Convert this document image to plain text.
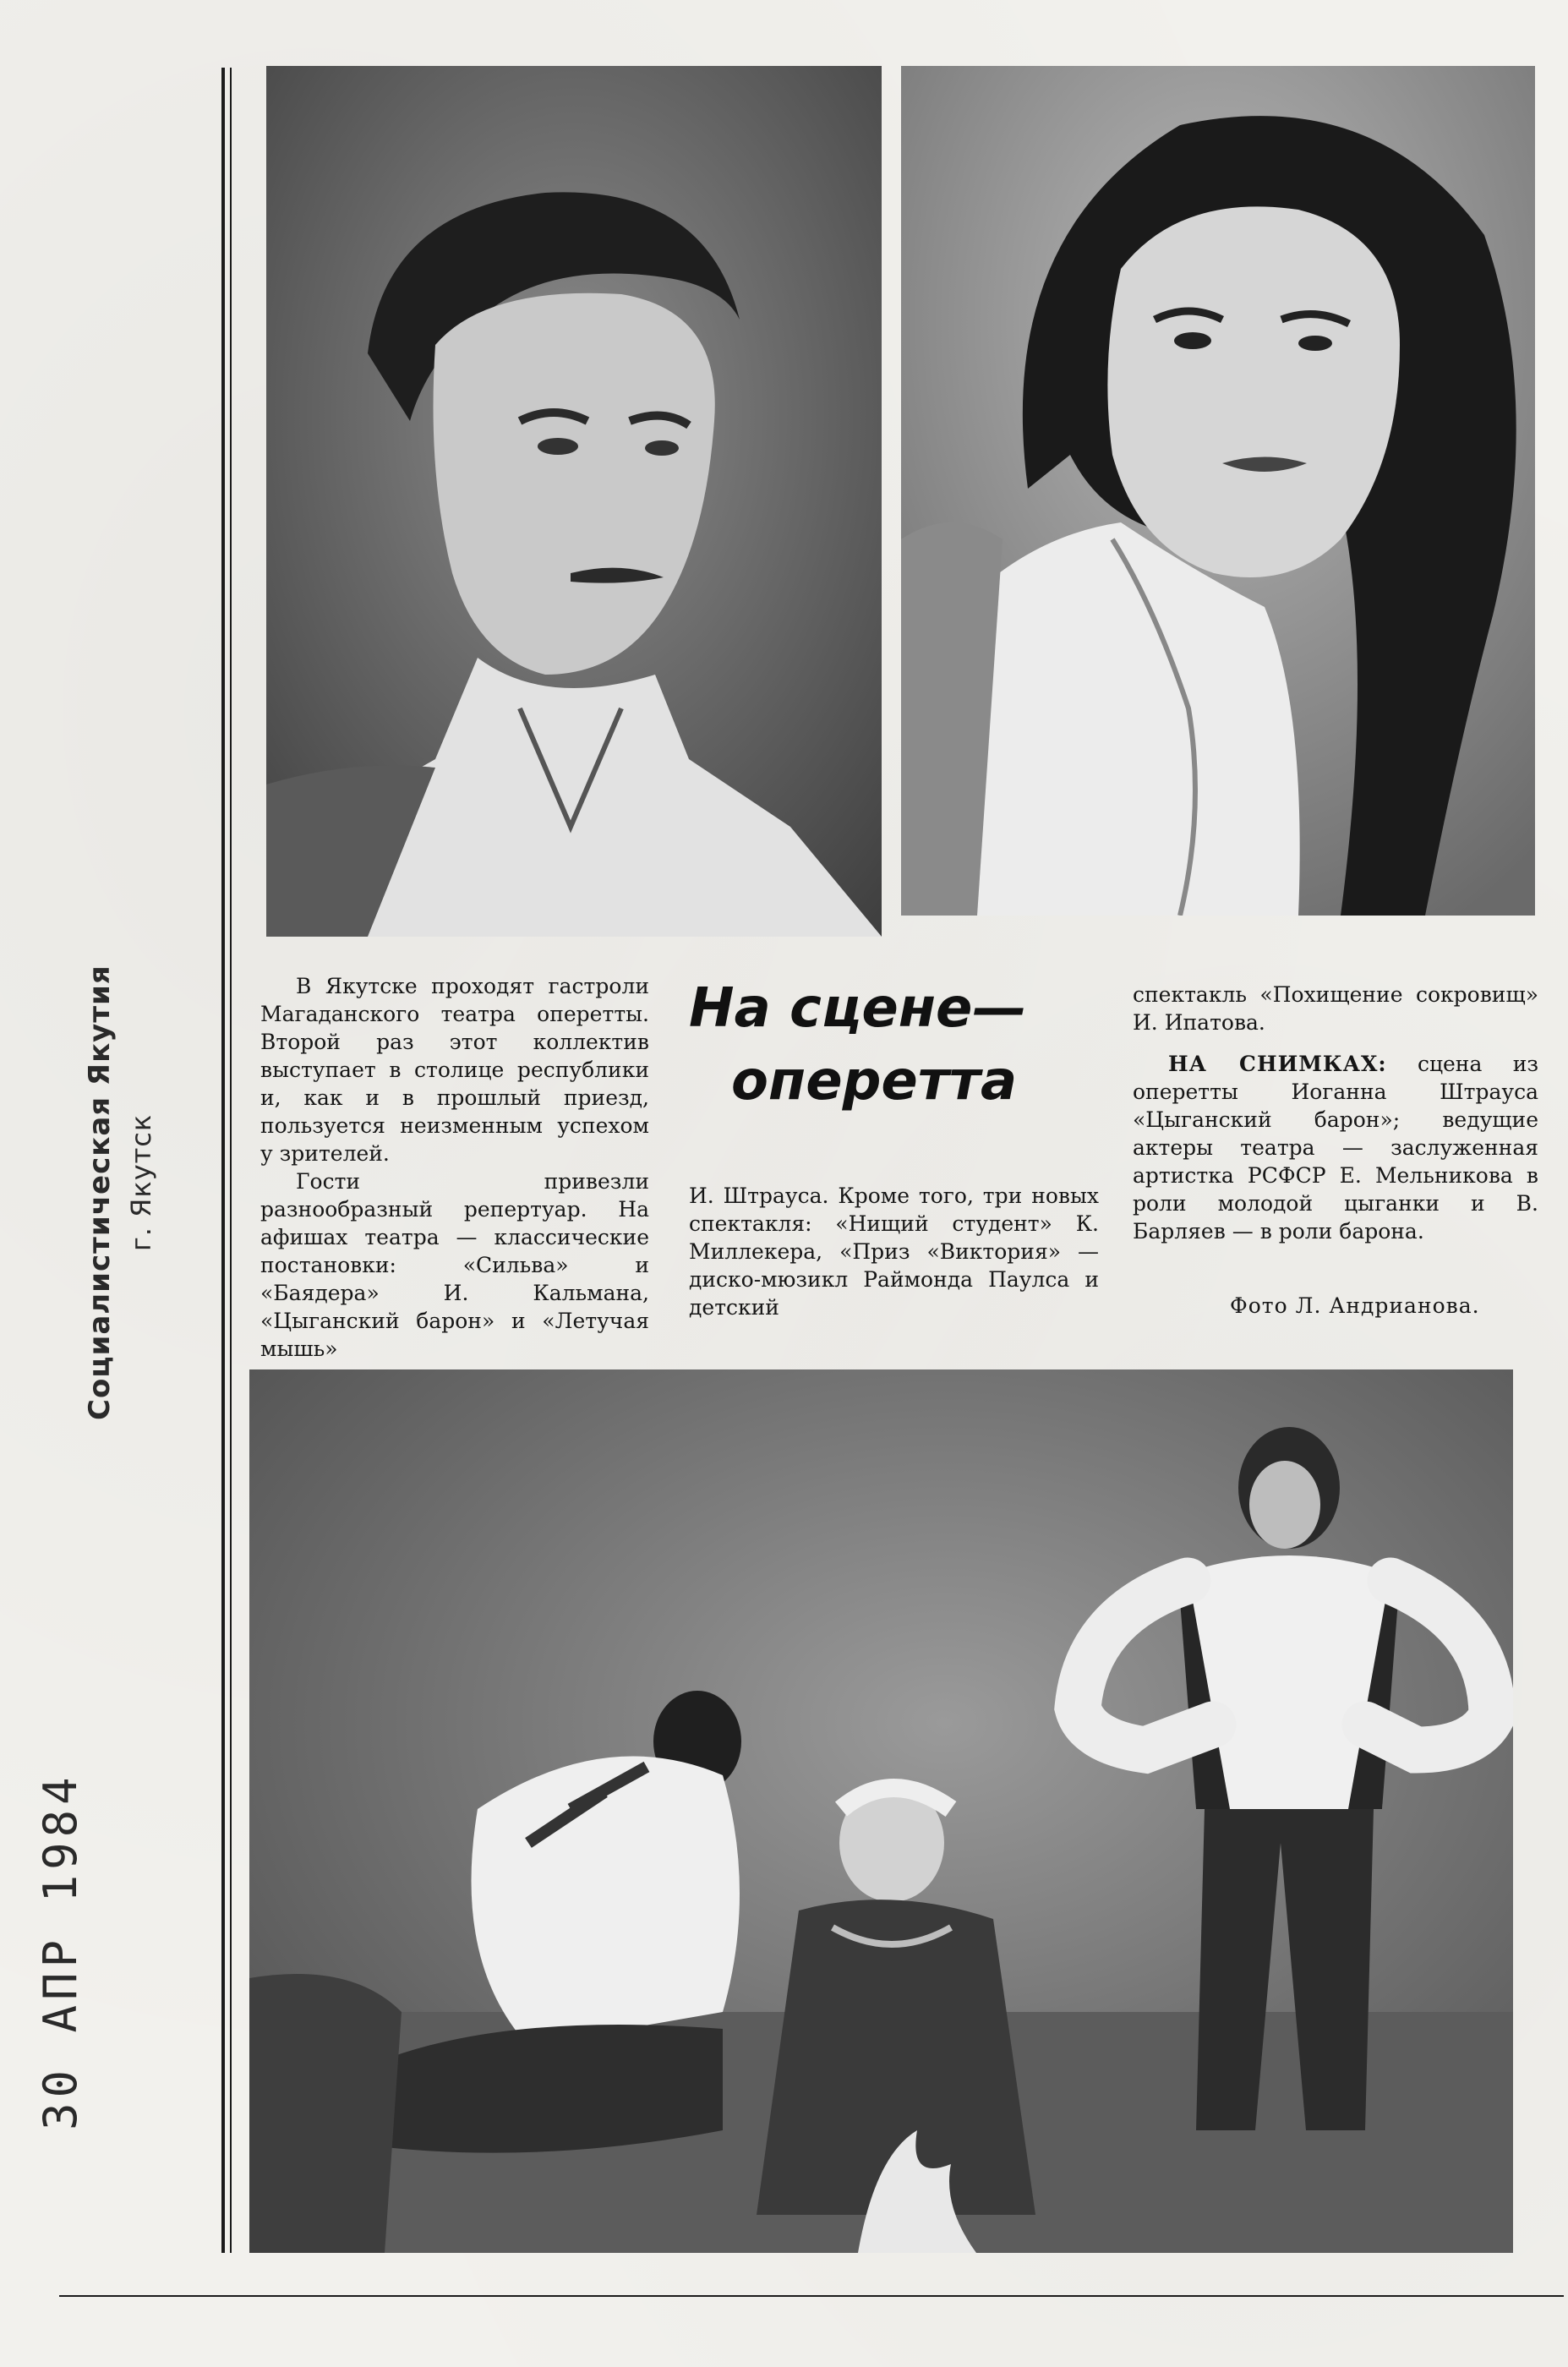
30 АПР 1984
Социалистическая Якутия г. Якутск

В Якутске проходят гастроли Магаданского театра оперетты. Второй раз этот коллектив выступает в столице республики и, как и в прошлый приезд, пользуется неизменным успехом у зрителей.

Гости привезли разнообразный репертуар. На афишах театра — классические постановки: «Сильва» и «Баядера» И. Кальмана, «Цыганский барон» и «Летучая мышь»

На сцене—
оперетта

И. Штрауса. Кроме того, три новых спектакля: «Нищий студент» К. Миллекера, «Приз «Виктория» — диско-мюзикл Раймонда Паулса и детский

спектакль «Похищение сокровищ» И. Ипатова.

НА СНИМКАХ: сцена из оперетты Иоганна Штрауса «Цыганский барон»; ведущие актеры театра — заслуженная артистка РСФСР Е. Мельникова в роли молодой цыганки и В. Барляев — в роли барона.

Фото Л. Андрианова.
